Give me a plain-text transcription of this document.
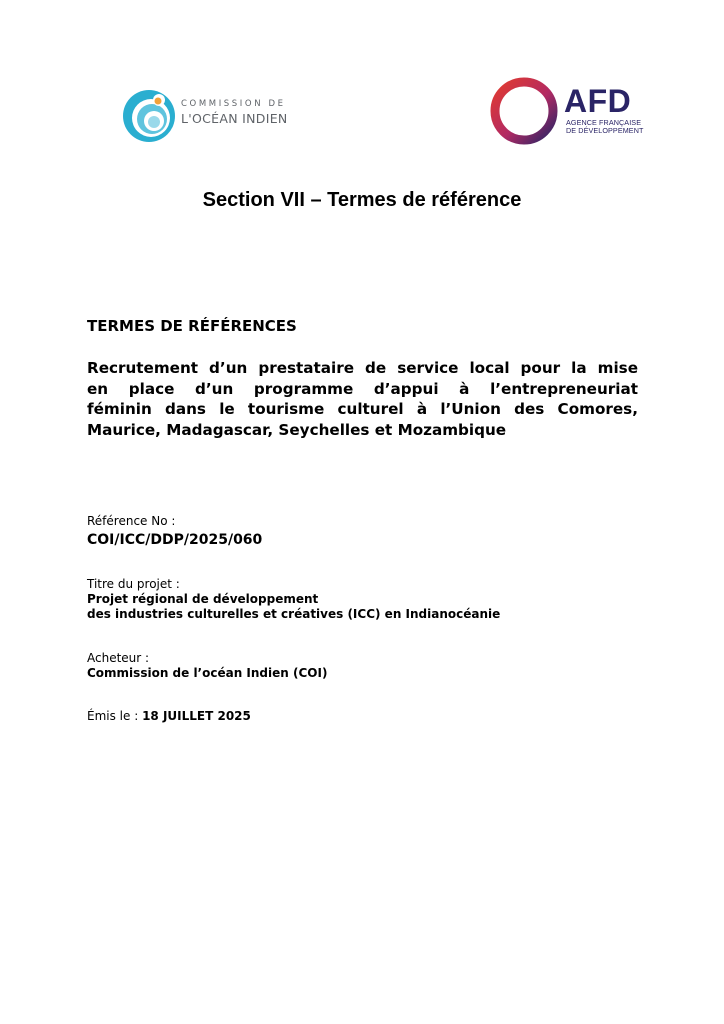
COMMISSION DE
L'OCÉAN INDIEN	AFD
AGENCE FRANÇAISE
DE DÉVELOPPEMENT
Section VII – Termes de référence
TERMES DE RÉFÉRENCES

Recrutement d’un prestataire de service local pour la mise
en place d’un programme d’appui à l’entrepreneuriat
féminin dans le tourisme culturel à l’Union des Comores,
Maurice, Madagascar, Seychelles et Mozambique

Référence No :
COI/ICC/DDP/2025/060
Titre du projet :
Projet régional de développement
des industries culturelles et créatives (ICC) en Indianocéanie
Acheteur :
Commission de l’océan Indien (COI)
Émis le : 18 JUILLET 2025
